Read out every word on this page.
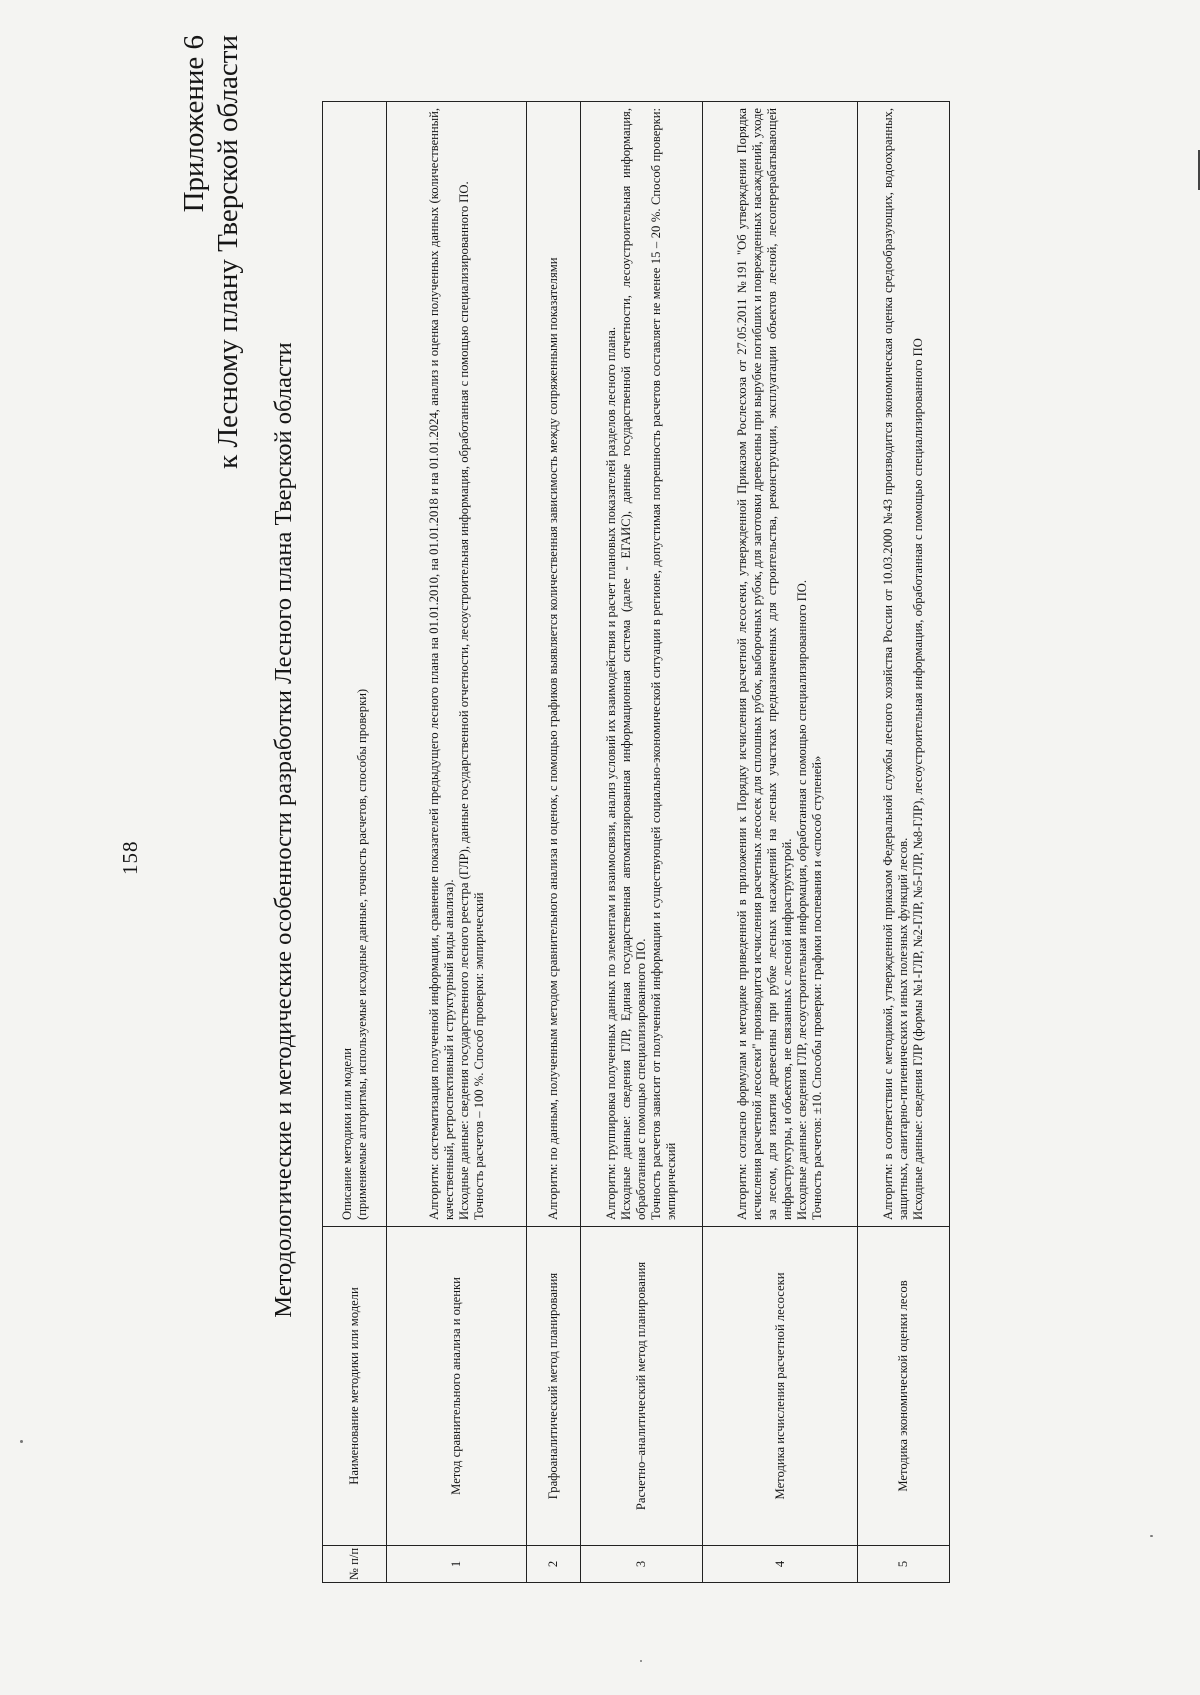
158
Приложение 6 к Лесному плану Тверской области
Методологические и методические особенности разработки Лесного плана Тверской области
№ п/п	Наименование методики или модели	Описание методики или модели (применяемые алгоритмы, используемые исходные данные, точность расчетов, способы проверки)

1	Метод сравнительного анализа и оценки	Алгоритм: систематизация полученной информации, сравнение показателей предыдущего лесного плана на 01.01.2010, на 01.01.2018 и на 01.01.2024, анализ и оценка полученных данных (количественный, качественный, ретроспективный и структурный виды анализа). Исходные данные: сведения государственного лесного реестра (ГЛР), данные государственной отчетности, лесоустроительная информация, обработанная с помощью специализированного ПО. Точность расчетов – 100 %. Способ проверки: эмпирический

2	Графоаналитический метод планирования	Алгоритм: по данным, полученным методом сравнительного анализа и оценок, с помощью графиков выявляется количественная зависимость между сопряженными показателями

3	Расчетно–аналитический метод планирования	Алгоритм: группировка полученных данных по элементам и взаимосвязи, анализ условий их взаимодействия и расчет плановых показателей разделов лесного плана. Исходные данные: сведения ГЛР, Единая государственная автоматизированная информационная система (далее - ЕГАИС), данные государственной отчетности, лесоустроительная информация, обработанная с помощью специализированного ПО. Точность расчетов зависит от полученной информации и существующей социально-экономической ситуации в регионе, допустимая погрешность расчетов составляет не менее 15 – 20 %. Способ проверки: эмпирический

4	Методика исчисления расчетной лесосеки	Алгоритм: согласно формулам и методике приведенной в приложении к Порядку исчисления расчетной лесосеки, утвержденной Приказом Рослесхоза от 27.05.2011 №191 "Об утверждении Порядка исчисления расчетной лесосеки" производится исчисления расчетных лесосек для сплошных рубок, выборочных рубок, для заготовки древесины при вырубке погибших и поврежденных насаждений, уходе за лесом, для изъятия древесины при рубке лесных насаждений на лесных участках предназначенных для строительства, реконструкции, эксплуатации объектов лесной, лесоперерабатывающей инфраструктуры, и объектов, не связанных с лесной инфраструктурой. Исходные данные: сведения ГЛР, лесоустроительная информация, обработанная с помощью специализированного ПО. Точность расчетов: ±10. Способы проверки: графики поспевания и «способ ступеней»

5	Методика экономической оценки лесов	Алгоритм: в соответствии с методикой, утвержденной приказом Федеральной службы лесного хозяйства России от 10.03.2000 №43 производится экономическая оценка средообразующих, водоохранных, защитных, санитарно-гигиенических и иных полезных функций лесов. Исходные данные: сведения ГЛР (формы №1-ГЛР, №2-ГЛР, №5-ГЛР, №8-ГЛР), лесоустроительная информация, обработанная с помощью специализированного ПО
